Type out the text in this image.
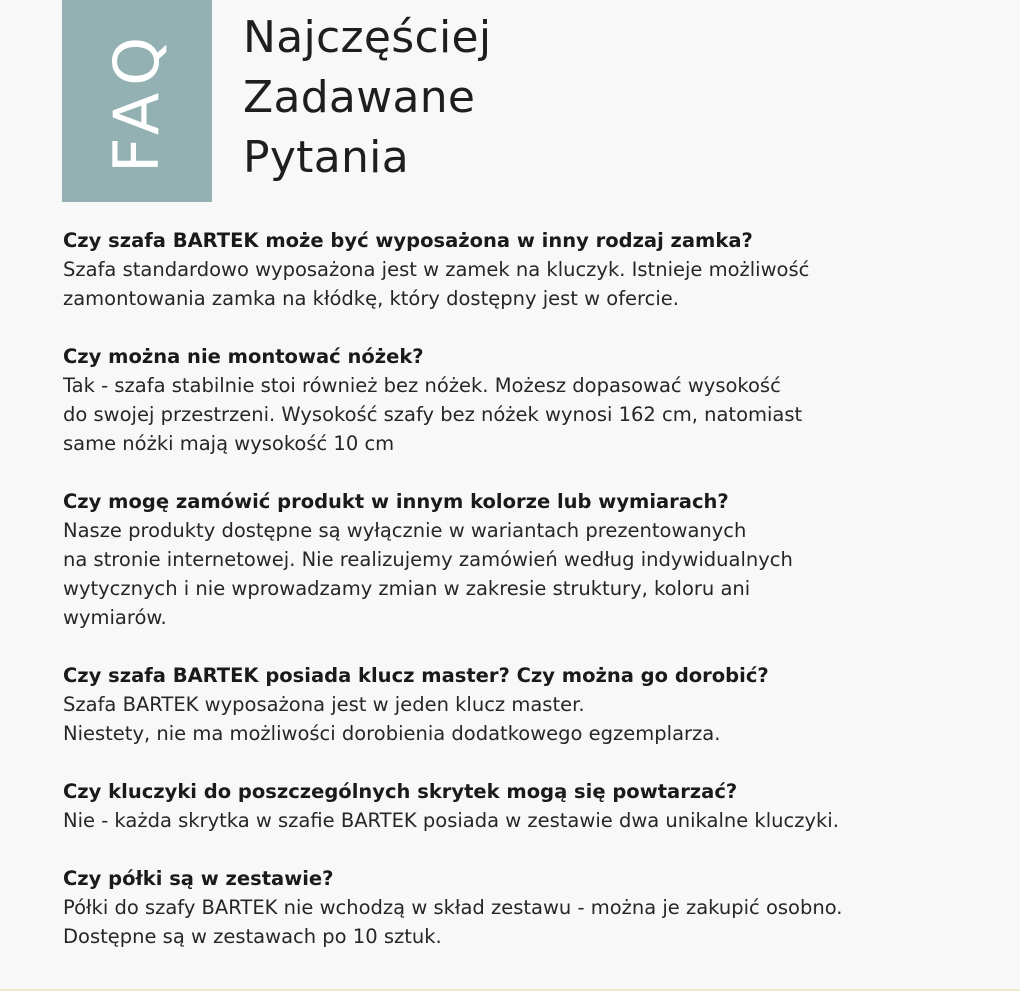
FAQ Najczęściej
Zadawane
Pytania
Czy szafa BARTEK może być wyposażona w inny rodzaj zamka?
Szafa standardowo wyposażona jest w zamek na kluczyk. Istnieje możliwość
zamontowania zamka na kłódkę, który dostępny jest w ofercie.
Czy można nie montować nóżek?
Tak - szafa stabilnie stoi również bez nóżek. Możesz dopasować wysokość
do swojej przestrzeni. Wysokość szafy bez nóżek wynosi 162 cm, natomiast
same nóżki mają wysokość 10 cm
Czy mogę zamówić produkt w innym kolorze lub wymiarach?
Nasze produkty dostępne są wyłącznie w wariantach prezentowanych
na stronie internetowej. Nie realizujemy zamówień według indywidualnych
wytycznych i nie wprowadzamy zmian w zakresie struktury, koloru ani
wymiarów.
Czy szafa BARTEK posiada klucz master? Czy można go dorobić?
Szafa BARTEK wyposażona jest w jeden klucz master.
Niestety, nie ma możliwości dorobienia dodatkowego egzemplarza.
Czy kluczyki do poszczególnych skrytek mogą się powtarzać?
Nie - każda skrytka w szafie BARTEK posiada w zestawie dwa unikalne kluczyki.
Czy półki są w zestawie?
Półki do szafy BARTEK nie wchodzą w skład zestawu - można je zakupić osobno.
Dostępne są w zestawach po 10 sztuk.
